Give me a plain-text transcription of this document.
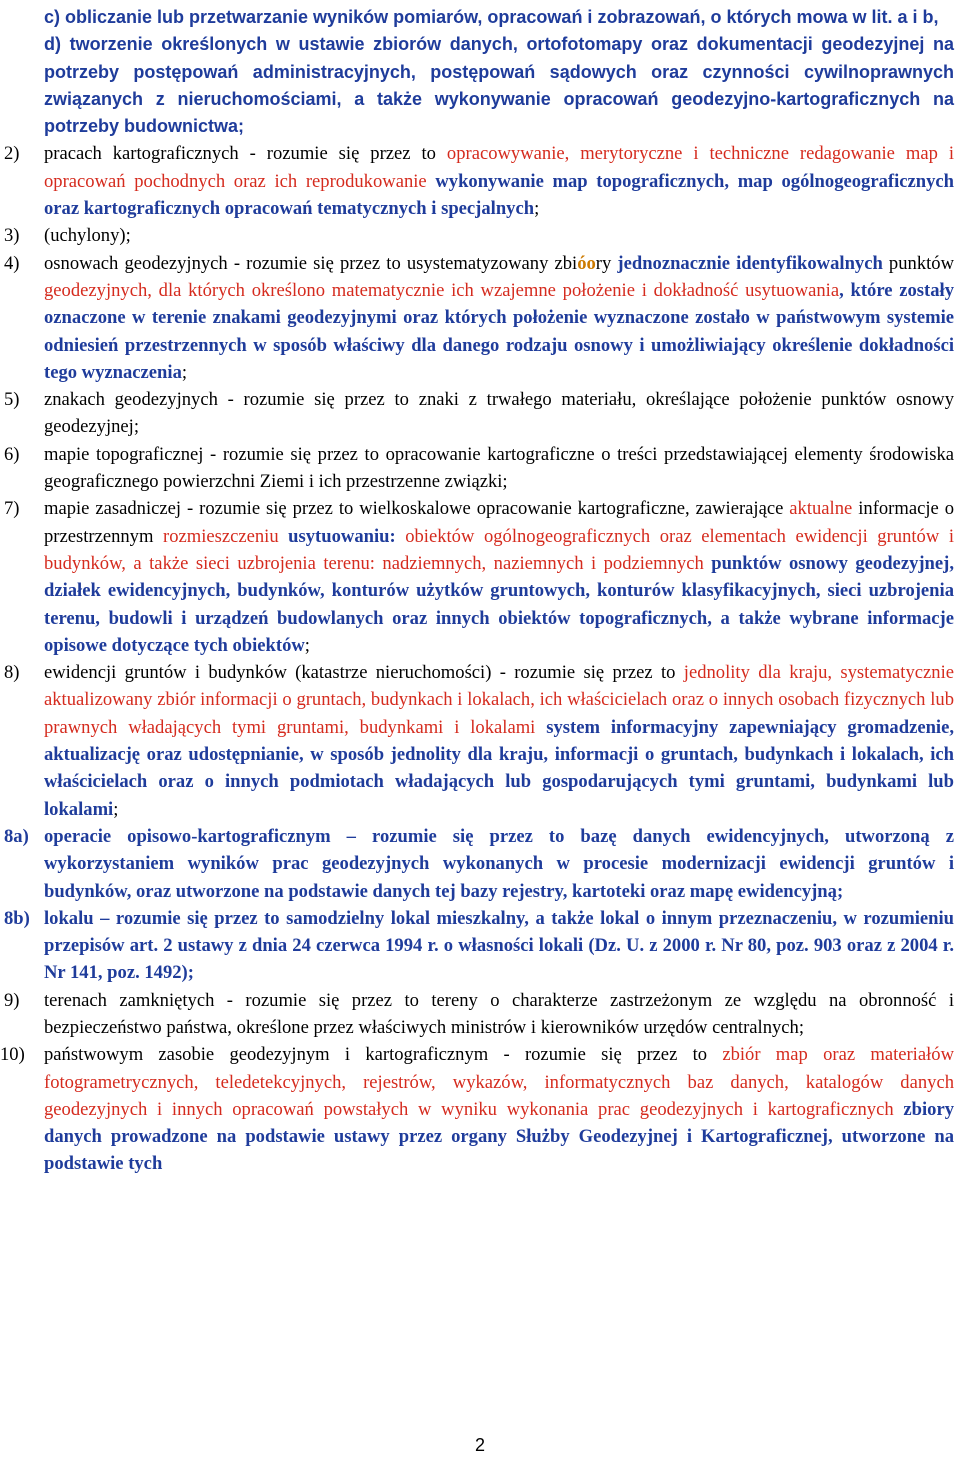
c) obliczanie lub przetwarzanie wyników pomiarów, opracowań i zobrazowań, o których mowa w lit. a i b,

d) tworzenie określonych w ustawie zbiorów danych, ortofotomapy oraz dokumentacji geodezyjnej na potrzeby postępowań administracyjnych, postępowań sądowych oraz czynności cywilnoprawnych związanych z nieruchomościami, a także wykonywanie opracowań geodezyjno-kartograficznych na potrzeby budownictwa;

2) pracach kartograficznych - rozumie się przez to opracowywanie, merytoryczne i techniczne redagowanie map i opracowań pochodnych oraz ich reprodukowanie wykonywanie map topograficznych, map ogólnogeograficznych oraz kartograficznych opracowań tematycznych i specjalnych;
3) (uchylony);
4) osnowach geodezyjnych - rozumie się przez to usystematyzowany zbióory jednoznacznie identyfikowalnych punktów geodezyjnych, dla których określono matematycznie ich wzajemne położenie i dokładność usytuowania, które zostały oznaczone w terenie znakami geodezyjnymi oraz których położenie wyznaczone zostało w państwowym systemie odniesień przestrzennych w sposób właściwy dla danego rodzaju osnowy i umożliwiający określenie dokładności tego wyznaczenia;
5) znakach geodezyjnych - rozumie się przez to znaki z trwałego materiału, określające położenie punktów osnowy geodezyjnej;
6) mapie topograficznej - rozumie się przez to opracowanie kartograficzne o treści przedstawiającej elementy środowiska geograficznego powierzchni Ziemi i ich przestrzenne związki;
7) mapie zasadniczej - rozumie się przez to wielkoskalowe opracowanie kartograficzne, zawierające aktualne informacje o przestrzennym rozmieszczeniu usytuowaniu: obiektów ogólnogeograficznych oraz elementach ewidencji gruntów i budynków, a także sieci uzbrojenia terenu: nadziemnych, naziemnych i podziemnych punktów osnowy geodezyjnej, działek ewidencyjnych, budynków, konturów użytków gruntowych, konturów klasyfikacyjnych, sieci uzbrojenia terenu, budowli i urządzeń budowlanych oraz innych obiektów topograficznych, a także wybrane informacje opisowe dotyczące tych obiektów;
8) ewidencji gruntów i budynków (katastrze nieruchomości) - rozumie się przez to jednolity dla kraju, systematycznie aktualizowany zbiór informacji o gruntach, budynkach i lokalach, ich właścicielach oraz o innych osobach fizycznych lub prawnych władających tymi gruntami, budynkami i lokalami system informacyjny zapewniający gromadzenie, aktualizację oraz udostępnianie, w sposób jednolity dla kraju, informacji o gruntach, budynkach i lokalach, ich właścicielach oraz o innych podmiotach władających lub gospodarujących tymi gruntami, budynkami lub lokalami;
8a) operacie opisowo-kartograficznym – rozumie się przez to bazę danych ewidencyjnych, utworzoną z wykorzystaniem wyników prac geodezyjnych wykonanych w procesie modernizacji ewidencji gruntów i budynków, oraz utworzone na podstawie danych tej bazy rejestry, kartoteki oraz mapę ewidencyjną;
8b) lokalu – rozumie się przez to samodzielny lokal mieszkalny, a także lokal o innym przeznaczeniu, w rozumieniu przepisów art. 2 ustawy z dnia 24 czerwca 1994 r. o własności lokali (Dz. U. z 2000 r. Nr 80, poz. 903 oraz z 2004 r. Nr 141, poz. 1492);
9) terenach zamkniętych - rozumie się przez to tereny o charakterze zastrzeżonym ze względu na obronność i bezpieczeństwo państwa, określone przez właściwych ministrów i kierowników urzędów centralnych;
10) państwowym zasobie geodezyjnym i kartograficznym - rozumie się przez to zbiór map oraz materiałów fotogrametrycznych, teledetekcyjnych, rejestrów, wykazów, informatycznych baz danych, katalogów danych geodezyjnych i innych opracowań powstałych w wyniku wykonania prac geodezyjnych i kartograficznych zbiory danych prowadzone na podstawie ustawy przez organy Służby Geodezyjnej i Kartograficznej, utworzone na podstawie tych
2
